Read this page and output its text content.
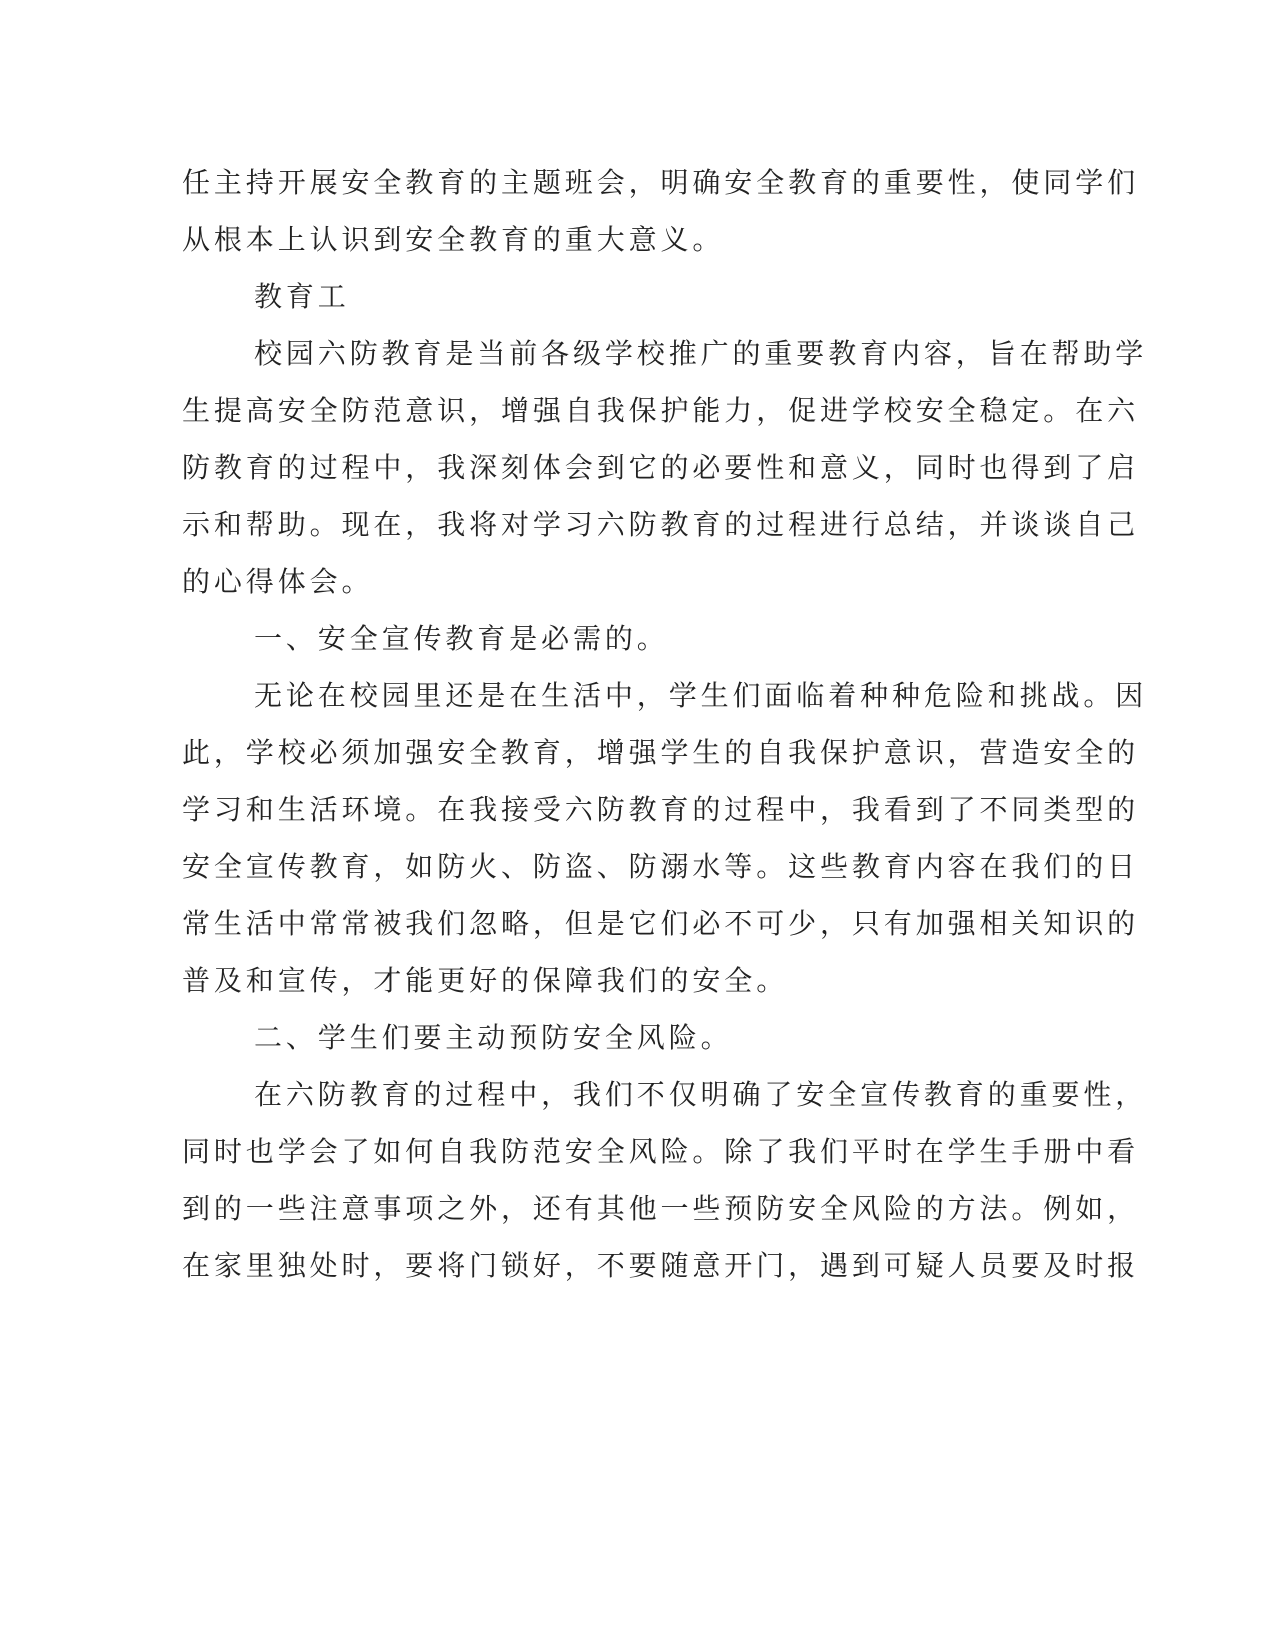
任主持开展安全教育的主题班会，明确安全教育的重要性，使同学们
从根本上认识到安全教育的重大意义。
教育工
校园六防教育是当前各级学校推广的重要教育内容，旨在帮助学
生提高安全防范意识，增强自我保护能力，促进学校安全稳定。在六
防教育的过程中，我深刻体会到它的必要性和意义，同时也得到了启
示和帮助。现在，我将对学习六防教育的过程进行总结，并谈谈自己
的心得体会。
一、安全宣传教育是必需的。
无论在校园里还是在生活中，学生们面临着种种危险和挑战。因
此，学校必须加强安全教育，增强学生的自我保护意识，营造安全的
学习和生活环境。在我接受六防教育的过程中，我看到了不同类型的
安全宣传教育，如防火、防盗、防溺水等。这些教育内容在我们的日
常生活中常常被我们忽略，但是它们必不可少，只有加强相关知识的
普及和宣传，才能更好的保障我们的安全。
二、学生们要主动预防安全风险。
在六防教育的过程中，我们不仅明确了安全宣传教育的重要性，
同时也学会了如何自我防范安全风险。除了我们平时在学生手册中看
到的一些注意事项之外，还有其他一些预防安全风险的方法。例如，
在家里独处时，要将门锁好，不要随意开门，遇到可疑人员要及时报
